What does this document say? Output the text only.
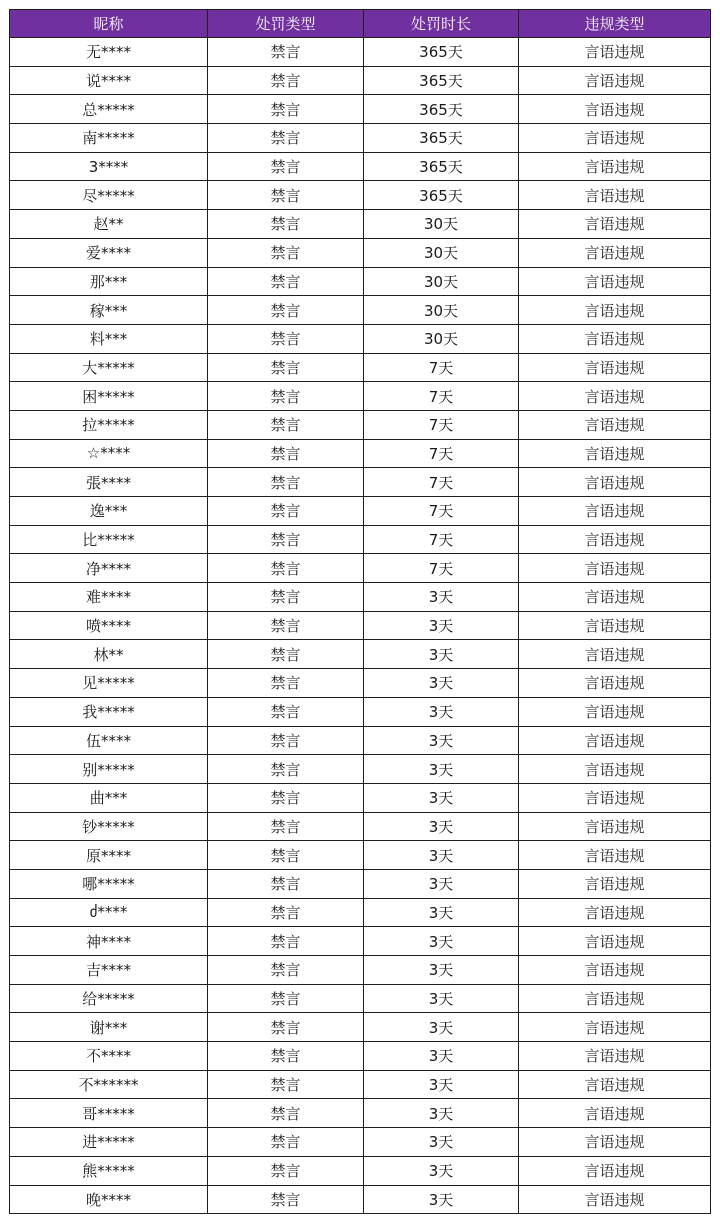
昵称	处罚类型	处罚时长	违规类型
无****	禁言	365天	言语违规
说****	禁言	365天	言语违规
总*****	禁言	365天	言语违规
南*****	禁言	365天	言语违规
3****	禁言	365天	言语违规
尽*****	禁言	365天	言语违规
赵**	禁言	30天	言语违规
爱****	禁言	30天	言语违规
那***	禁言	30天	言语违规
稼***	禁言	30天	言语违规
料***	禁言	30天	言语违规
大*****	禁言	7天	言语违规
困*****	禁言	7天	言语违规
拉*****	禁言	7天	言语违规
☆****	禁言	7天	言语违规
張****	禁言	7天	言语违规
逸***	禁言	7天	言语违规
比*****	禁言	7天	言语违规
净****	禁言	7天	言语违规
难****	禁言	3天	言语违规
喷****	禁言	3天	言语违规
林**	禁言	3天	言语违规
见*****	禁言	3天	言语违规
我*****	禁言	3天	言语违规
伍****	禁言	3天	言语违规
别*****	禁言	3天	言语违规
曲***	禁言	3天	言语违规
钞*****	禁言	3天	言语违规
原****	禁言	3天	言语违规
哪*****	禁言	3天	言语违规
ძ****	禁言	3天	言语违规
神****	禁言	3天	言语违规
吉****	禁言	3天	言语违规
给*****	禁言	3天	言语违规
谢***	禁言	3天	言语违规
不****	禁言	3天	言语违规
不******	禁言	3天	言语违规
哥*****	禁言	3天	言语违规
进*****	禁言	3天	言语违规
熊*****	禁言	3天	言语违规
晚****	禁言	3天	言语违规
